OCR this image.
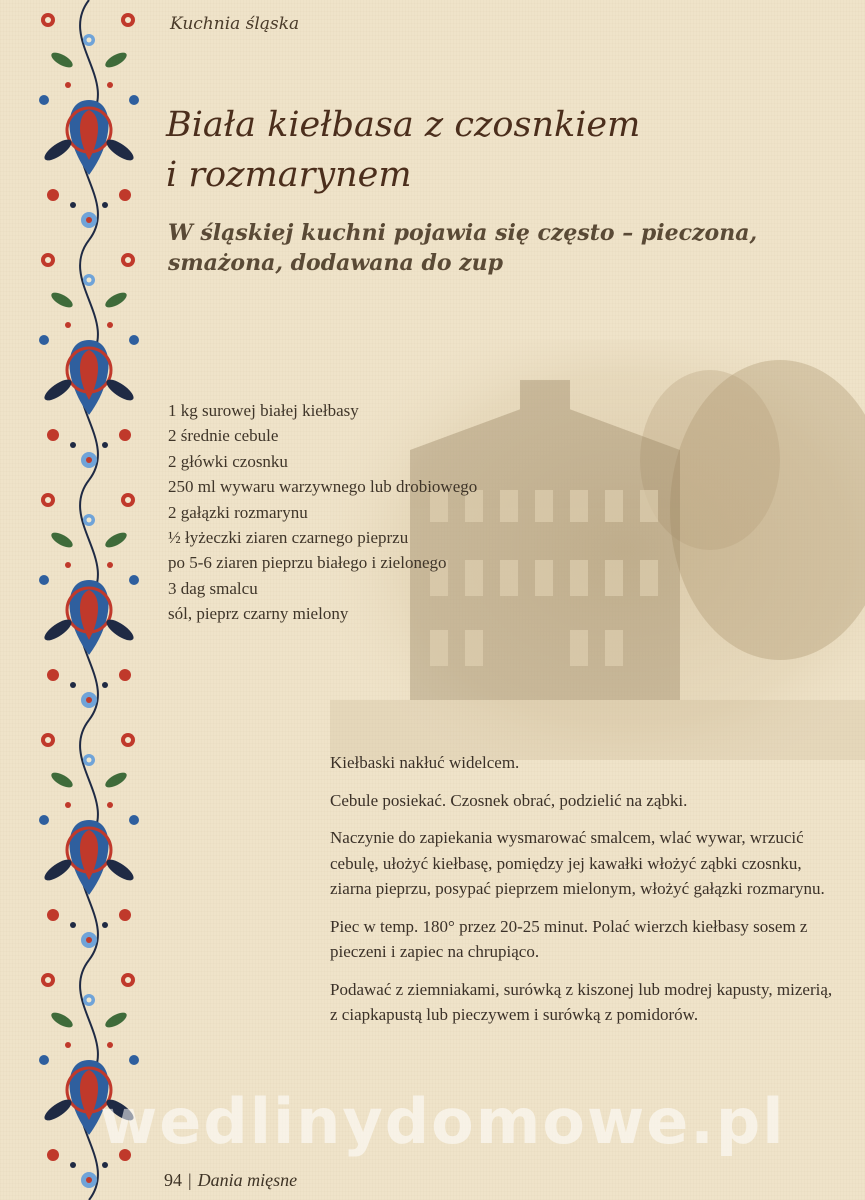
Kuchnia śląska
Biała kiełbasa z czosnkiem
i rozmarynem
W śląskiej kuchni pojawia się często – pieczona,
smażona, dodawana do zup
1 kg surowej białej kiełbasy
2 średnie cebule
2 główki czosnku
250 ml wywaru warzywnego lub drobiowego
2 gałązki rozmarynu
½ łyżeczki ziaren czarnego pieprzu
po 5-6 ziaren pieprzu białego i zielonego
3 dag smalcu
sól, pieprz czarny mielony

Kiełbaski nakłuć widelcem.

Cebule posiekać. Czosnek obrać, podzielić na ząbki.

Naczynie do zapiekania wysmarować smalcem, wlać wywar, wrzucić cebulę, ułożyć kiełbasę, pomiędzy jej kawałki włożyć ząbki czosnku, ziarna pieprzu, posypać pieprzem mielonym, włożyć gałązki rozmarynu.

Piec w temp. 180° przez 20-25 minut. Polać wierzch kiełbasy sosem z pieczeni i zapiec na chrupiąco.

Podawać z ziemniakami, surówką z kiszonej lub modrej kapusty, mizerią, z ciapkapustą lub pieczywem i surówką z pomidorów.

wedlinydomowe.pl
94 | Dania mięsne
